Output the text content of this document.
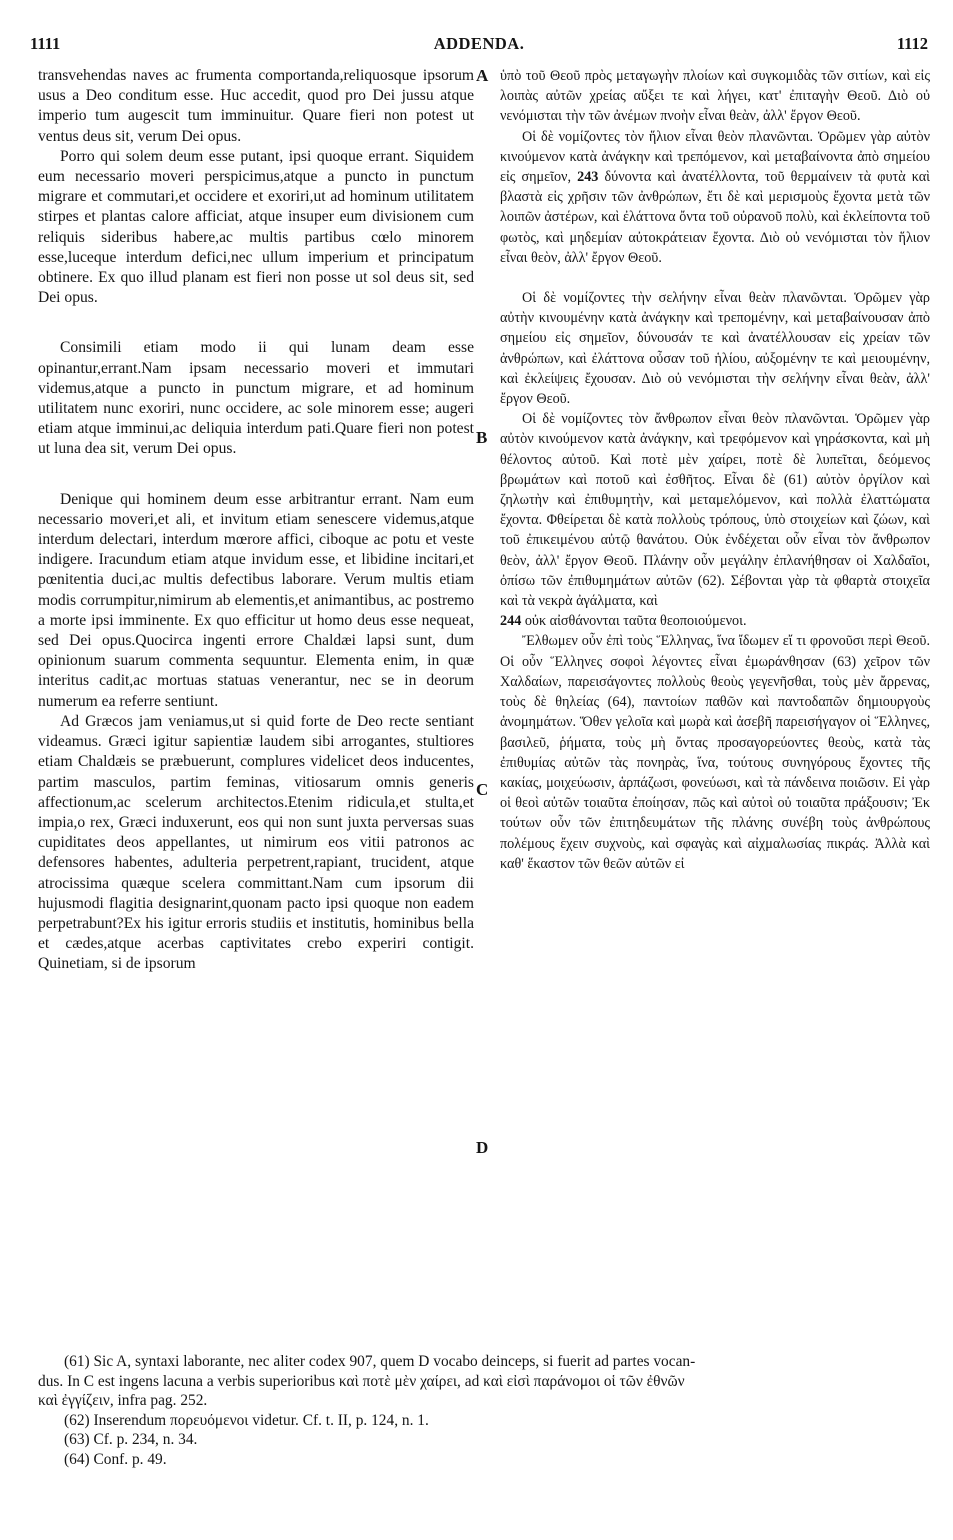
1111	ADDENDA.	1112
transvehendas naves ac frumenta comportanda,reliquosque ipsorum usus a Deo conditum esse. Huc accedit, quod pro Dei jussu atque imperio tum augescit tum imminuitur. Quare fieri non potest ut ventus deus sit, verum Dei opus.
Porro qui solem deum esse putant, ipsi quoque errant. Siquidem eum necessario moveri perspicimus,atque a puncto in punctum migrare et commutari,et occidere et exoriri,ut ad hominum utilitatem stirpes et plantas calore afficiat, atque insuper eum divisionem cum reliquis sideribus habere,ac multis partibus cœlo minorem esse,luceque interdum defici,nec ullum imperium et principatum obtinere. Ex quo illud planam est fieri non posse ut sol deus sit, sed Dei opus.
Consimili etiam modo ii qui lunam deam esse opinantur,errant.Nam ipsam necessario moveri et immutari videmus,atque a puncto in punctum migrare, et ad hominum utilitatem nunc exoriri, nunc occidere, ac sole minorem esse; augeri etiam atque imminui,ac deliquia interdum pati.Quare fieri non potest ut luna dea sit, verum Dei opus.
Denique qui hominem deum esse arbitrantur errant. Nam eum necessario moveri,et ali, et invitum etiam senescere videmus,atque interdum delectari, interdum mœrore affici, ciboque ac potu et veste indigere. Iracundum etiam atque invidum esse, et libidine incitari,et pœnitentia duci,ac multis defectibus laborare. Verum multis etiam modis corrumpitur,nimirum ab elementis,et animantibus, ac postremo a morte ipsi imminente. Ex quo efficitur ut homo deus esse nequeat, sed Dei opus.Quocirca ingenti errore Chaldæi lapsi sunt, dum opinionum suarum commenta sequuntur. Elementa enim, in quæ interitus cadit,ac mortuas statuas venerantur, nec se in deorum numerum ea referre sentiunt.
Ad Græcos jam veniamus,ut si quid forte de Deo recte sentiant videamus. Græci igitur sapientiæ laudem sibi arrogantes, stultiores etiam Chaldæis se præbuerunt, complures videlicet deos inducentes, partim masculos, partim feminas, vitiosarum omnis generis affectionum,ac scelerum architectos.Etenim ridicula,et stulta,et impia,o rex, Græci induxerunt, eos qui non sunt juxta perversas suas cupiditates deos appellantes, ut nimirum eos vitii patronos ac defensores habentes, adulteria perpetrent,rapiant, trucident, atque atrocissima quæque scelera committant.Nam cum ipsorum dii hujusmodi flagitia designarint,quonam pacto ipsi quoque non eadem perpetrabunt?Ex his igitur erroris studiis et institutis, hominibus bella et cædes,atque acerbas captivitates crebo experiri contigit. Quinetiam, si de ipsorum
A
B
C
D
ὑπὸ τοῦ Θεοῦ πρὸς μεταγωγὴν πλοίων καὶ συγκομιδὰς τῶν σιτίων, καὶ εἰς λοιπὰς αὐτῶν χρείας αὔξει τε καὶ λήγει, κατ' ἐπιταγὴν Θεοῦ. Διὸ οὐ νενόμισται τὴν τῶν ἀνέμων πνοὴν εἶναι θεὰν, ἀλλ' ἔργον Θεοῦ.
Οἱ δὲ νομίζοντες τὸν ἥλιον εἶναι θεὸν πλανῶνται. Ὁρῶμεν γὰρ αὐτὸν κινούμενον κατὰ ἀνάγκην καὶ τρεπόμενον, καὶ μεταβαίνοντα ἀπὸ σημείου εἰς σημεῖον, 243 δύνοντα καὶ ἀνατέλλοντα, τοῦ θερμαίνειν τὰ φυτὰ καὶ βλαστὰ εἰς χρῆσιν τῶν ἀνθρώπων, ἔτι δὲ καὶ μερισμοὺς ἔχοντα μετὰ τῶν λοιπῶν ἀστέρων, καὶ ἐλάττονα ὄντα τοῦ οὐρανοῦ πολὺ, καὶ ἐκλείποντα τοῦ φωτὸς, καὶ μηδεμίαν αὐτοκράτειαν ἔχοντα. Διὸ οὐ νενόμισται τὸν ἥλιον εἶναι θεὸν, ἀλλ' ἔργον Θεοῦ.
Οἱ δὲ νομίζοντες τὴν σελήνην εἶναι θεὰν πλανῶνται. Ὁρῶμεν γὰρ αὐτὴν κινουμένην κατὰ ἀνάγκην καὶ τρεπομένην, καὶ μεταβαίνουσαν ἀπὸ σημείου εἰς σημεῖον, δύνουσάν τε καὶ ἀνατέλλουσαν εἰς χρείαν τῶν ἀνθρώπων, καὶ ἐλάττονα οὖσαν τοῦ ἡλίου, αὐξομένην τε καὶ μειουμένην, καὶ ἐκλείψεις ἔχουσαν. Διὸ οὐ νενόμισται τὴν σελήνην εἶναι θεὰν, ἀλλ' ἔργον Θεοῦ.
Οἱ δὲ νομίζοντες τὸν ἄνθρωπον εἶναι θεὸν πλανῶνται. Ὁρῶμεν γὰρ αὐτὸν κινούμενον κατὰ ἀνάγκην, καὶ τρεφόμενον καὶ γηράσκοντα, καὶ μὴ θέλοντος αὐτοῦ. Καὶ ποτὲ μὲν χαίρει, ποτὲ δὲ λυπεῖται, δεόμενος βρωμάτων καὶ ποτοῦ καὶ ἐσθῆτος. Εἶναι δὲ (61) αὐτὸν ὀργίλον καὶ ζηλωτὴν καὶ ἐπιθυμητὴν, καὶ μεταμελόμενον, καὶ πολλὰ ἐλαττώματα ἔχοντα. Φθείρεται δὲ κατὰ πολλοὺς τρόπους, ὑπὸ στοιχείων καὶ ζώων, καὶ τοῦ ἐπικειμένου αὐτῷ θανάτου. Οὐκ ἐνδέχεται οὖν εἶναι τὸν ἄνθρωπον θεὸν, ἀλλ' ἔργον Θεοῦ. Πλάνην οὖν μεγάλην ἐπλανήθησαν οἱ Χαλδαῖοι, ὀπίσω τῶν ἐπιθυμημάτων αὐτῶν (62). Σέβονται γὰρ τὰ φθαρτὰ στοιχεῖα καὶ τὰ νεκρὰ ἀγάλματα, καὶ
244 οὐκ αἰσθάνονται ταῦτα θεοποιούμενοι.
Ἔλθωμεν οὖν ἐπὶ τοὺς Ἕλληνας, ἵνα ἴδωμεν εἴ τι φρονοῦσι περὶ Θεοῦ. Οἱ οὖν Ἕλληνες σοφοὶ λέγοντες εἶναι ἐμωράνθησαν (63) χεῖρον τῶν Χαλδαίων, παρεισάγοντες πολλοὺς θεοὺς γεγενῆσθαι, τοὺς μὲν ἄρρενας, τοὺς δὲ θηλείας (64), παντοίων παθῶν καὶ παντοδαπῶν δημιουργοὺς ἀνομημάτων. Ὅθεν γελοῖα καὶ μωρὰ καὶ ἀσεβῆ παρεισήγαγον οἱ Ἕλληνες, βασιλεῦ, ῥήματα, τοὺς μὴ ὄντας προσαγορεύοντες θεοὺς, κατὰ τὰς ἐπιθυμίας αὐτῶν τὰς πονηρὰς, ἵνα, τούτους συνηγόρους ἔχοντες τῆς κακίας, μοιχεύωσιν, ἁρπάζωσι, φονεύωσι, καὶ τὰ πάνδεινα ποιῶσιν. Εἰ γὰρ οἱ θεοὶ αὐτῶν τοιαῦτα ἐποίησαν, πῶς καὶ αὐτοὶ οὐ τοιαῦτα πράξουσιν; Ἐκ τούτων οὖν τῶν ἐπιτηδευμάτων τῆς πλάνης συνέβη τοὺς ἀνθρώπους πολέμους ἔχειν συχνοὺς, καὶ σφαγὰς καὶ αἰχμαλωσίας πικράς. Ἀλλὰ καὶ καθ' ἕκαστον τῶν θεῶν αὐτῶν εἰ
(61) Sic A, syntaxi laborante, nec aliter codex 907, quem D vocabo deinceps, si fuerit ad partes vocan-
dus. In C est ingens lacuna a verbis superioribus καὶ ποτὲ μὲν χαίρει, ad καὶ εἰσὶ παράνομοι οἱ τῶν ἐθνῶν
καὶ ἐγγίζειν, infra pag. 252.
(62) Inserendum πορευόμενοι videtur. Cf. t. II, p. 124, n. 1.
(63) Cf. p. 234, n. 34.
(64) Conf. p. 49.
